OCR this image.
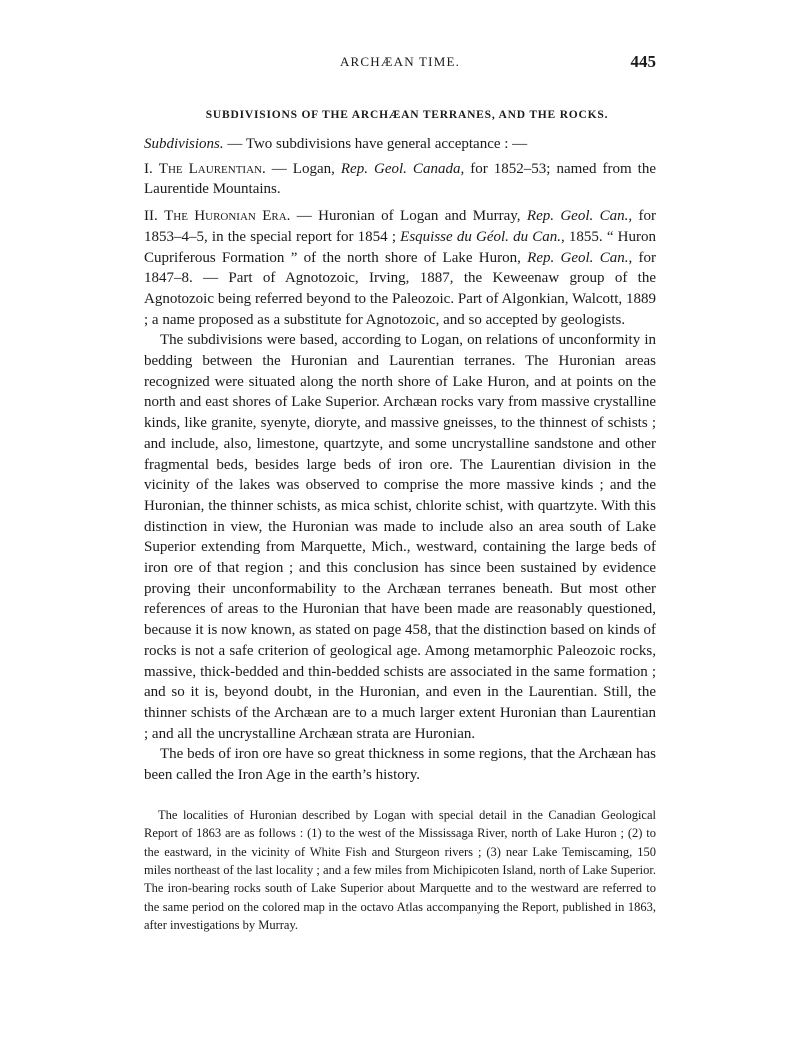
ARCHÆAN TIME.	445
SUBDIVISIONS OF THE ARCHÆAN TERRANES, AND THE ROCKS.

Subdivisions. — Two subdivisions have general acceptance : —

I. The Laurentian. — Logan, Rep. Geol. Canada, for 1852–53; named from the Laurentide Mountains.

II. The Huronian Era. — Huronian of Logan and Murray, Rep. Geol. Can., for 1853–4–5, in the special report for 1854 ; Esquisse du Géol. du Can., 1855. “ Huron Cupriferous Formation ” of the north shore of Lake Huron, Rep. Geol. Can., for 1847–8. — Part of Agnotozoic, Irving, 1887, the Keweenaw group of the Agnotozoic being referred beyond to the Paleozoic. Part of Algonkian, Walcott, 1889 ; a name proposed as a substitute for Agnotozoic, and so accepted by geologists.

The subdivisions were based, according to Logan, on relations of unconformity in bedding between the Huronian and Laurentian terranes. The Huronian areas recognized were situated along the north shore of Lake Huron, and at points on the north and east shores of Lake Superior. Archæan rocks vary from massive crystalline kinds, like granite, syenyte, dioryte, and massive gneisses, to the thinnest of schists ; and include, also, limestone, quartzyte, and some uncrystalline sandstone and other fragmental beds, besides large beds of iron ore. The Laurentian division in the vicinity of the lakes was observed to comprise the more massive kinds ; and the Huronian, the thinner schists, as mica schist, chlorite schist, with quartzyte. With this distinction in view, the Huronian was made to include also an area south of Lake Superior extending from Marquette, Mich., westward, containing the large beds of iron ore of that region ; and this conclusion has since been sustained by evidence proving their unconformability to the Archæan terranes beneath. But most other references of areas to the Huronian that have been made are reasonably questioned, because it is now known, as stated on page 458, that the distinction based on kinds of rocks is not a safe criterion of geological age. Among metamorphic Paleozoic rocks, massive, thick-bedded and thin-bedded schists are associated in the same formation ; and so it is, beyond doubt, in the Huronian, and even in the Laurentian. Still, the thinner schists of the Archæan are to a much larger extent Huronian than Laurentian ; and all the uncrystalline Archæan strata are Huronian.

The beds of iron ore have so great thickness in some regions, that the Archæan has been called the Iron Age in the earth’s history.

The localities of Huronian described by Logan with special detail in the Canadian Geological Report of 1863 are as follows : (1) to the west of the Mississaga River, north of Lake Huron ; (2) to the eastward, in the vicinity of White Fish and Sturgeon rivers ; (3) near Lake Temiscaming, 150 miles northeast of the last locality ; and a few miles from Michipicoten Island, north of Lake Superior. The iron-bearing rocks south of Lake Superior about Marquette and to the westward are referred to the same period on the colored map in the octavo Atlas accompanying the Report, published in 1863, after investigations by Murray.
